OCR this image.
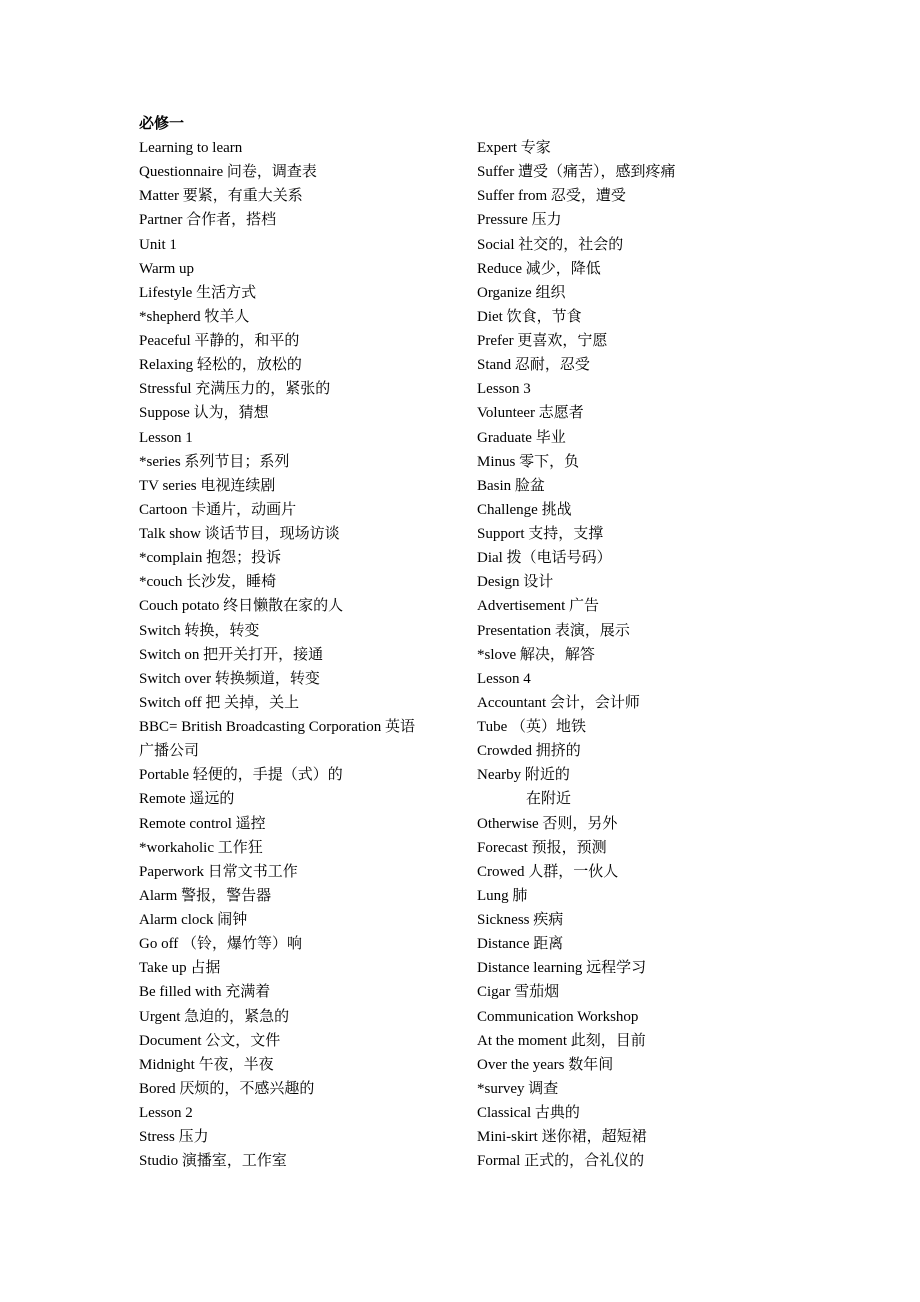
必修一
Learning to learn
Questionnaire 问卷，调查表
Matter 要紧，有重大关系
Partner 合作者，搭档
Unit 1
Warm up
Lifestyle 生活方式
*shepherd 牧羊人
Peaceful 平静的，和平的
Relaxing 轻松的，放松的
Stressful 充满压力的，紧张的
Suppose 认为，猜想
Lesson 1
*series 系列节目；系列
TV series 电视连续剧
Cartoon 卡通片，动画片
Talk show 谈话节目，现场访谈
*complain 抱怨；投诉
*couch 长沙发，睡椅
Couch potato 终日懒散在家的人
Switch 转换，转变
Switch on 把开关打开，接通
Switch over 转换频道，转变
Switch off 把 关掉，关上
BBC= British Broadcasting Corporation 英语
广播公司
Portable 轻便的，手提（式）的
Remote 遥远的
Remote control 遥控
*workaholic 工作狂
Paperwork 日常文书工作
Alarm 警报，警告器
Alarm clock 闹钟
Go off （铃，爆竹等）响
Take up 占据
Be filled with 充满着
Urgent 急迫的，紧急的
Document 公文，文件
Midnight 午夜，半夜
Bored 厌烦的，不感兴趣的
Lesson 2
Stress 压力
Studio 演播室，工作室
Expert 专家
Suffer 遭受（痛苦），感到疼痛
Suffer from 忍受，遭受
Pressure 压力
Social 社交的，社会的
Reduce 减少，降低
Organize 组织
Diet 饮食，节食
Prefer 更喜欢，宁愿
Stand 忍耐，忍受
Lesson 3
Volunteer 志愿者
Graduate 毕业
Minus 零下，负
Basin 脸盆
Challenge 挑战
Support 支持，支撑
Dial 拨（电话号码）
Design 设计
Advertisement 广告
Presentation 表演，展示
*slove 解决，解答
Lesson 4
Accountant 会计，会计师
Tube （英）地铁
Crowded 拥挤的
Nearby 附近的
在附近
Otherwise 否则，另外
Forecast 预报，预测
Crowed 人群，一伙人
Lung 肺
Sickness 疾病
Distance 距离
Distance learning 远程学习
Cigar 雪茄烟
Communication Workshop
At the moment 此刻，目前
Over the years 数年间
*survey 调查
Classical 古典的
Mini-skirt 迷你裙，超短裙
Formal 正式的，合礼仪的
